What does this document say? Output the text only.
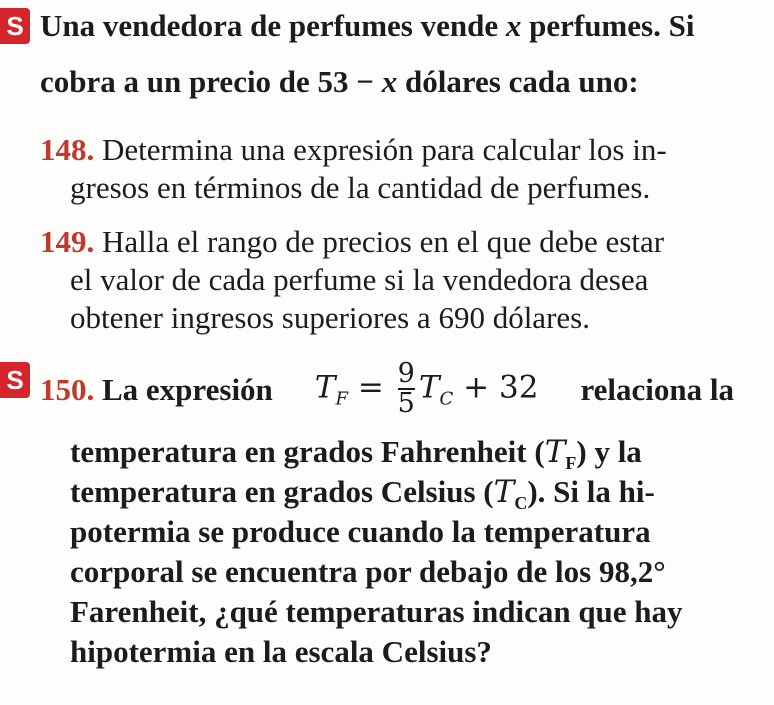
S Una vendedora de perfumes vende x perfumes. Si
cobra a un precio de 53 − x dólares cada uno:
148. Determina una expresión para calcular los in-
gresos en términos de la cantidad de perfumes.
149. Halla el rango de precios en el que debe estar
el valor de cada perfume si la vendedora desea
obtener ingresos superiores a 690 dólares.
S 150. La expresión $T_F = \frac{9}{5} T_C + 32$ relaciona la
temperatura en grados Fahrenheit $(T_F)$ y la
temperatura en grados Celsius $(T_C)$. Si la hi-
potermia se produce cuando la temperatura
corporal se encuentra por debajo de los 98,2°
Farenheit, ¿qué temperaturas indican que hay
hipotermia en la escala Celsius?
